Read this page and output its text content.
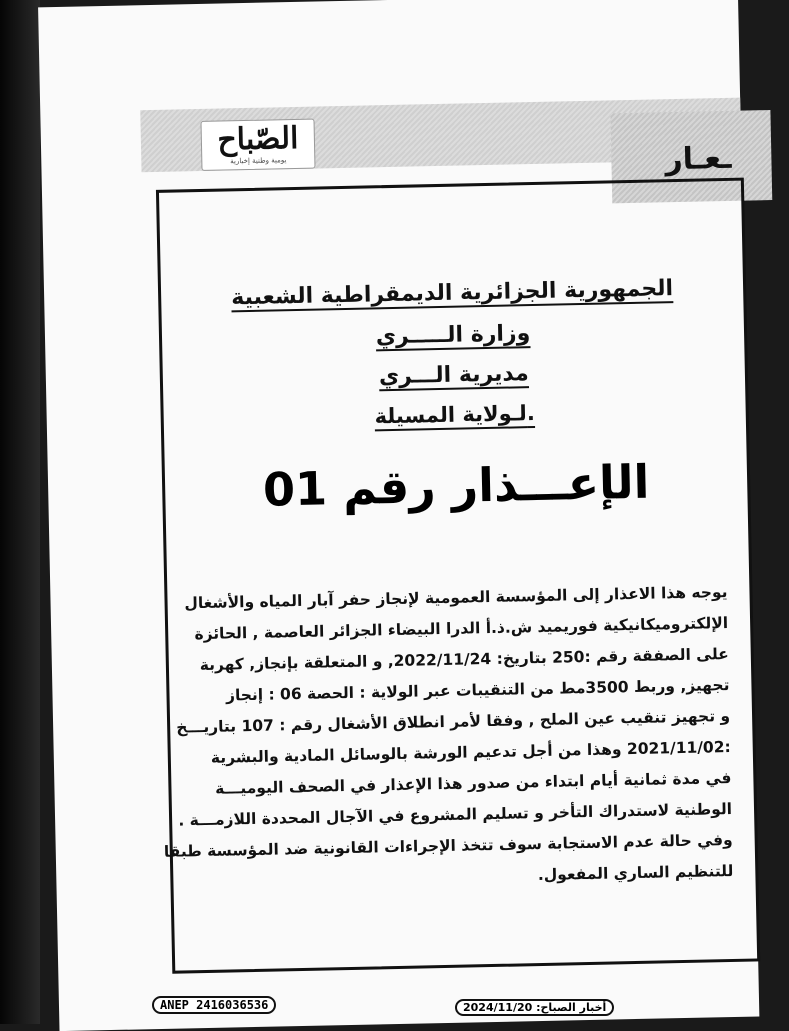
ـعـار
الصّباح
يومية وطنية إخبارية

الجمهورية الجزائرية الديمقراطية الشعبية

وزارة الـــــري

مديرية الـــري

لـولاية المسيلة.

الإعـــذار رقم 01
يوجه هذا الاعذار إلى المؤسسة العمومية لإنجاز حفر آبار المياه والأشغال
الإلكتروميكانيكية فوريميد ش.ذ.أ الدرا البيضاء الجزائر العاصمة , الحائزة
على الصفقة رقم :250 بتاريخ: 2022/11/24, و المتعلقة بإنجاز, كهربة
تجهيز, وربط 3500مط من التنقيبات عبر الولاية : الحصة 06 : إنجاز
و تجهيز تنقيب عين الملح , وفقا لأمر انطلاق الأشغال رقم : 107 بتاريـــخ
:2021/11/02 وهذا من أجل تدعيم الورشة بالوسائل المادية والبشرية
في مدة ثمانية أيام ابتداء من صدور هذا الإعذار في الصحف اليوميـــة
الوطنية لاستدراك التأخر و تسليم المشروع في الآجال المحددة اللازمـــة .
وفي حالة عدم الاستجابة سوف تتخذ الإجراءات القانونية ضد المؤسسة طبقا
للتنظيم الساري المفعول.
ANEP 2416036536	أخبار الصباح: 2024/11/20
